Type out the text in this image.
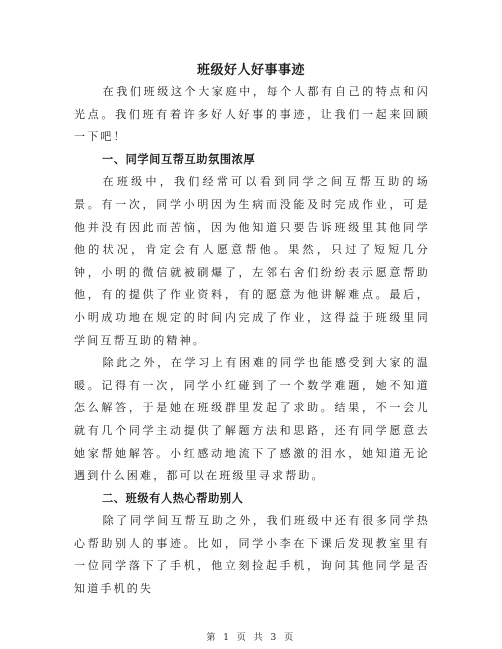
班级好人好事事迹

在我们班级这个大家庭中，每个人都有自己的特点和闪光点。我们班有着许多好人好事的事迹，让我们一起来回顾一下吧！

一、同学间互帮互助氛围浓厚

在班级中，我们经常可以看到同学之间互帮互助的场景。有一次，同学小明因为生病而没能及时完成作业，可是他并没有因此而苦恼，因为他知道只要告诉班级里其他同学他的状况，肯定会有人愿意帮他。果然，只过了短短几分钟，小明的微信就被刷爆了，左邻右舍们纷纷表示愿意帮助他，有的提供了作业资料，有的愿意为他讲解难点。最后，小明成功地在规定的时间内完成了作业，这得益于班级里同学间互帮互助的精神。

除此之外，在学习上有困难的同学也能感受到大家的温暖。记得有一次，同学小红碰到了一个数学难题，她不知道怎么解答，于是她在班级群里发起了求助。结果，不一会儿就有几个同学主动提供了解题方法和思路，还有同学愿意去她家帮她解答。小红感动地流下了感激的泪水，她知道无论遇到什么困难，都可以在班级里寻求帮助。

二、班级有人热心帮助别人

除了同学间互帮互助之外，我们班级中还有很多同学热心帮助别人的事迹。比如，同学小李在下课后发现教室里有一位同学落下了手机，他立刻捡起手机，询问其他同学是否知道手机的失

第 1 页 共 3 页
